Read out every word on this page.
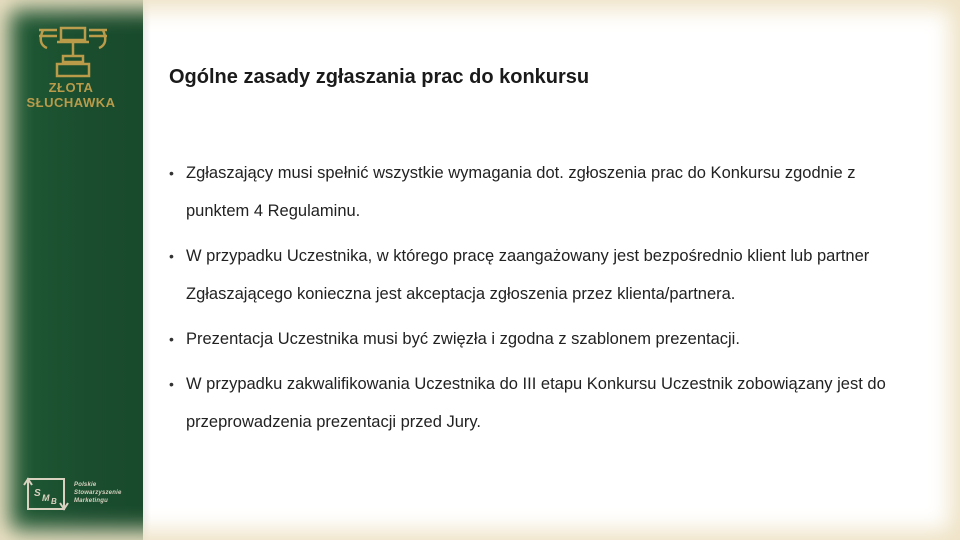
ZŁOTA
SŁUCHAWKA
S M B
Polskie
Stowarzyszenie
Marketingu
Ogólne zasady zgłaszania prac do konkursu
• Zgłaszający musi spełnić wszystkie wymagania dot. zgłoszenia prac do Konkursu zgodnie z punktem 4 Regulaminu.
• W przypadku Uczestnika, w którego pracę zaangażowany jest bezpośrednio klient lub partner Zgłaszającego konieczna jest akceptacja zgłoszenia przez klienta/partnera.
• Prezentacja Uczestnika musi być zwięzła i zgodna z szablonem prezentacji.
• W przypadku zakwalifikowania Uczestnika do III etapu Konkursu Uczestnik zobowiązany jest do przeprowadzenia prezentacji przed Jury.
